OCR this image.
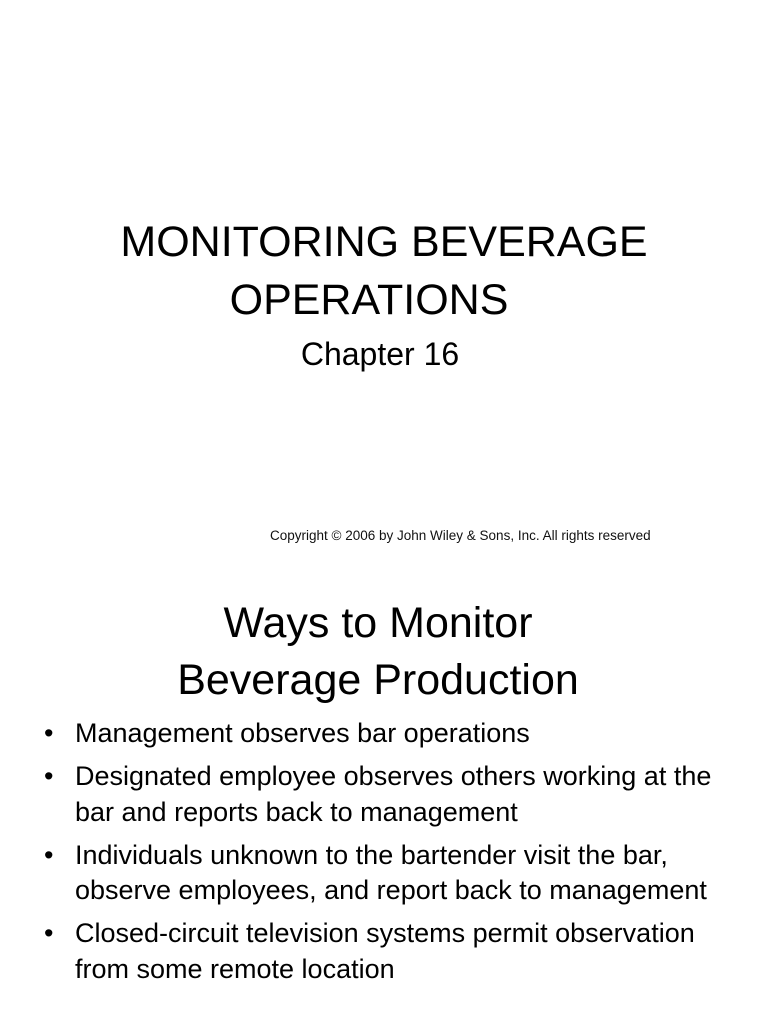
MONITORING BEVERAGE
OPERATIONS
Chapter 16
Copyright © 2006 by John Wiley & Sons, Inc. All rights reserved
Ways to Monitor
Beverage Production
• Management observes bar operations
• Designated employee observes others working at the bar and reports back to management
• Individuals unknown to the bartender visit the bar, observe employees, and report back to management
• Closed-circuit television systems permit observation from some remote location
